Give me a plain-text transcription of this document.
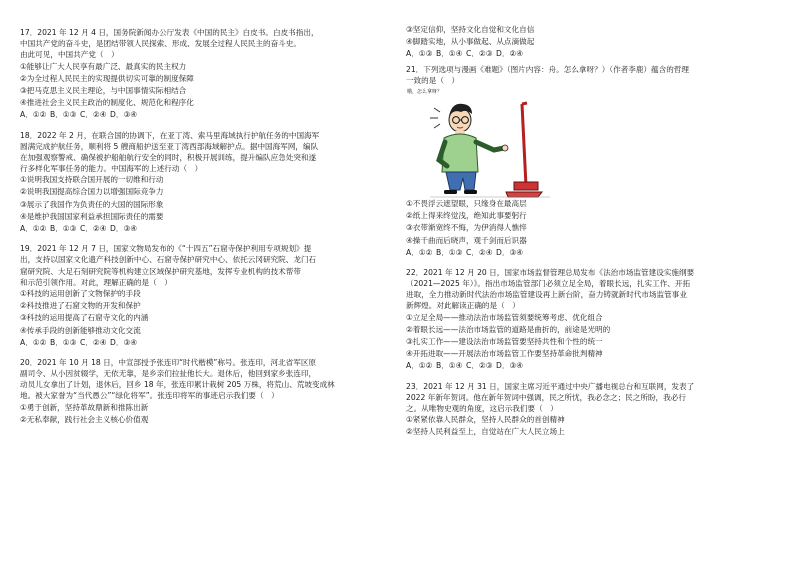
17．2021 年 12 月 4 日，国务院新闻办公厅发表《中国的民主》白皮书。白皮书指出，
中国共产党的奋斗史，是团结带领人民探索、形成、发展全过程人民民主的奋斗史。
由此可见，中国共产党（　）
①能够让广大人民享有最广泛、最真实的民主权力
②为全过程人民民主的实现提供切实可靠的制度保障
③把马克思主义民主理论，与中国事情实际相结合
④推进社会主义民主政治的制度化、规范化和程序化
A．①② B．①③ C．②④ D．③④
18．2022 年 2 月，在联合国的协调下，在亚丁湾、索马里海域执行护航任务的中国海军
圆满完成护航任务，顺利将 5 艘商船护送至亚丁湾西部海域解护点。据中国海军网，编队
在加强观察警戒、确保被护船舶航行安全的同时，积极开展训练，提升编队应急处突和遂
行多样化军事任务的能力。中国海军的上述行动（　）
①说明我国支持联合国开展的一切维和行动
②说明我国提高综合国力以增强国际竞争力
③展示了我国作为负责任的大国的国际形象
④是维护我国国家利益承担国际责任的需要
A．①② B．①③ C．②④ D．③④
19．2021 年 12 月 7 日，国家文物局发布的《“十四五”石窟寺保护利用专项规划》提
出，支持以国家文化遗产科技创新中心、石窟寺保护研究中心、依托云冈研究院、龙门石
窟研究院、大足石刻研究院等机构建立区域保护研究基地，发挥专业机构的技术帮带
和示范引领作用。对此，理解正确的是（　）
①科技的运用创新了文物保护的手段
②科技推进了石窟文物的开发和保护
③科技的运用提高了石窟寺文化的内涵
④传承手段的创新能够推动文化交流
A．①② B．①③ C．②④ D．③④
20．2021 年 10 月 18 日，中宣部授予张连印“时代楷模”称号。张连印，河北省军区原
副司令、从小因贫辍学，无依无靠，是乡亲们拉扯他长大。退休后，他回到家乡张连印，
动员儿女拿出了计划，退休后，回乡 18 年，张连印累计栽树 205 万株，将荒山、荒坡变成林
地。被大家誉为“当代愚公”“绿化将军”。张连印将军的事迹启示我们要（　）
①勇于创新，坚持革故鼎新和推陈出新
②无私奉献，践行社会主义核心价值观
③坚定信仰，坚持文化自觉和文化自信
④脚踏实地，从小事做起、从点滴做起
A．①③ B．①④ C．②③ D．②④
21．下列选项与漫画《难题》（图片内容：舟。怎么拿呀？）（作者李鹿）蕴含的哲理
一致的是（　）
哦，怎么拿呀？
①不畏浮云遮望眼，只缘身在最高层
②纸上得来终觉浅，绝知此事要躬行
③衣带渐宽终不悔，为伊消得人憔悴
④操千曲而后晓声，观千剑而后识器
A．①② B．①③ C．②④ D．③④
22．2021 年 12 月 20 日，国家市场监督管理总局发布《法治市场监管建设实施纲要
（2021—2025 年）》。指出市场监管部门必须立足全局，着眼长远，扎实工作、开拓
进取，全力推动新时代法治市场监管建设再上新台阶，奋力铸就新时代市场监管事业
新辉煌。对此解读正确的是（　）
①立足全局——推动法治市场监管须要统筹考虑、优化组合
②着眼长远——法治市场监管的道路是曲折的，前途是光明的
③扎实工作——建设法治市场监管要坚持共性和个性的统一
④开拓进取——开展法治市场监管工作要坚持革命批判精神
A．①② B．①④ C．②③ D．③④
23．2021 年 12 月 31 日，国家主席习近平通过中央广播电视总台和互联网，发表了
2022 年新年贺词。他在新年贺词中强调，民之所忧，我必念之；民之所盼，我必行
之。从唯物史观的角度，这启示我们要（　）
①紧紧依靠人民群众，坚持人民群众的首创精神
②坚持人民利益至上，自觉站在广大人民立场上
